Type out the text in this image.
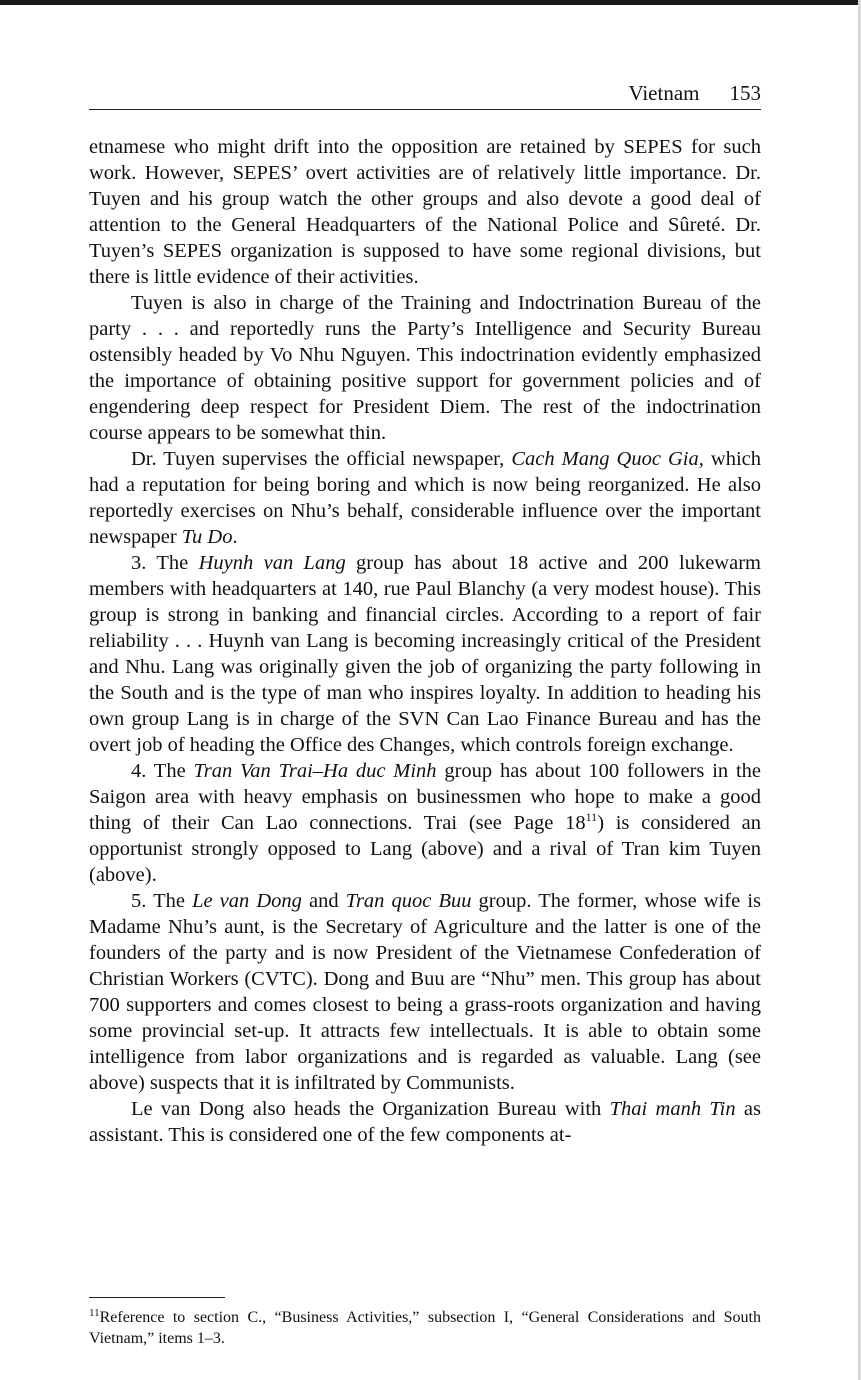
Vietnam 153

etnamese who might drift into the opposition are retained by SEPES for such work. However, SEPES’ overt activities are of relatively little importance. Dr. Tuyen and his group watch the other groups and also devote a good deal of attention to the General Headquarters of the National Police and Sûreté. Dr. Tuyen’s SEPES organization is supposed to have some regional divisions, but there is little evidence of their activities.

Tuyen is also in charge of the Training and Indoctrination Bureau of the party . . . and reportedly runs the Party’s Intelligence and Security Bureau ostensibly headed by Vo Nhu Nguyen. This indoctrination evidently emphasized the importance of obtaining positive support for government policies and of engendering deep respect for President Diem. The rest of the indoctrination course appears to be somewhat thin.

Dr. Tuyen supervises the official newspaper, Cach Mang Quoc Gia, which had a reputation for being boring and which is now being reorganized. He also reportedly exercises on Nhu’s behalf, considerable influence over the important newspaper Tu Do.

3. The Huynh van Lang group has about 18 active and 200 lukewarm members with headquarters at 140, rue Paul Blanchy (a very modest house). This group is strong in banking and financial circles. According to a report of fair reliability . . . Huynh van Lang is becoming increasingly critical of the President and Nhu. Lang was originally given the job of organizing the party following in the South and is the type of man who inspires loyalty. In addition to heading his own group Lang is in charge of the SVN Can Lao Finance Bureau and has the overt job of heading the Office des Changes, which controls foreign exchange.

4. The Tran Van Trai–Ha duc Minh group has about 100 followers in the Saigon area with heavy emphasis on businessmen who hope to make a good thing of their Can Lao connections. Trai (see Page $18^{11}$) is considered an opportunist strongly opposed to Lang (above) and a rival of Tran kim Tuyen (above).

5. The Le van Dong and Tran quoc Buu group. The former, whose wife is Madame Nhu’s aunt, is the Secretary of Agriculture and the latter is one of the founders of the party and is now President of the Vietnamese Confederation of Christian Workers (CVTC). Dong and Buu are “Nhu” men. This group has about 700 supporters and comes closest to being a grass-roots organization and having some provincial set-up. It attracts few intellectuals. It is able to obtain some intelligence from labor organizations and is regarded as valuable. Lang (see above) suspects that it is infiltrated by Communists.

Le van Dong also heads the Organization Bureau with Thai manh Tin as assistant. This is considered one of the few components at-

$^{11}$Reference to section C., “Business Activities,” subsection I, “General Considerations and South Vietnam,” items 1–3.
